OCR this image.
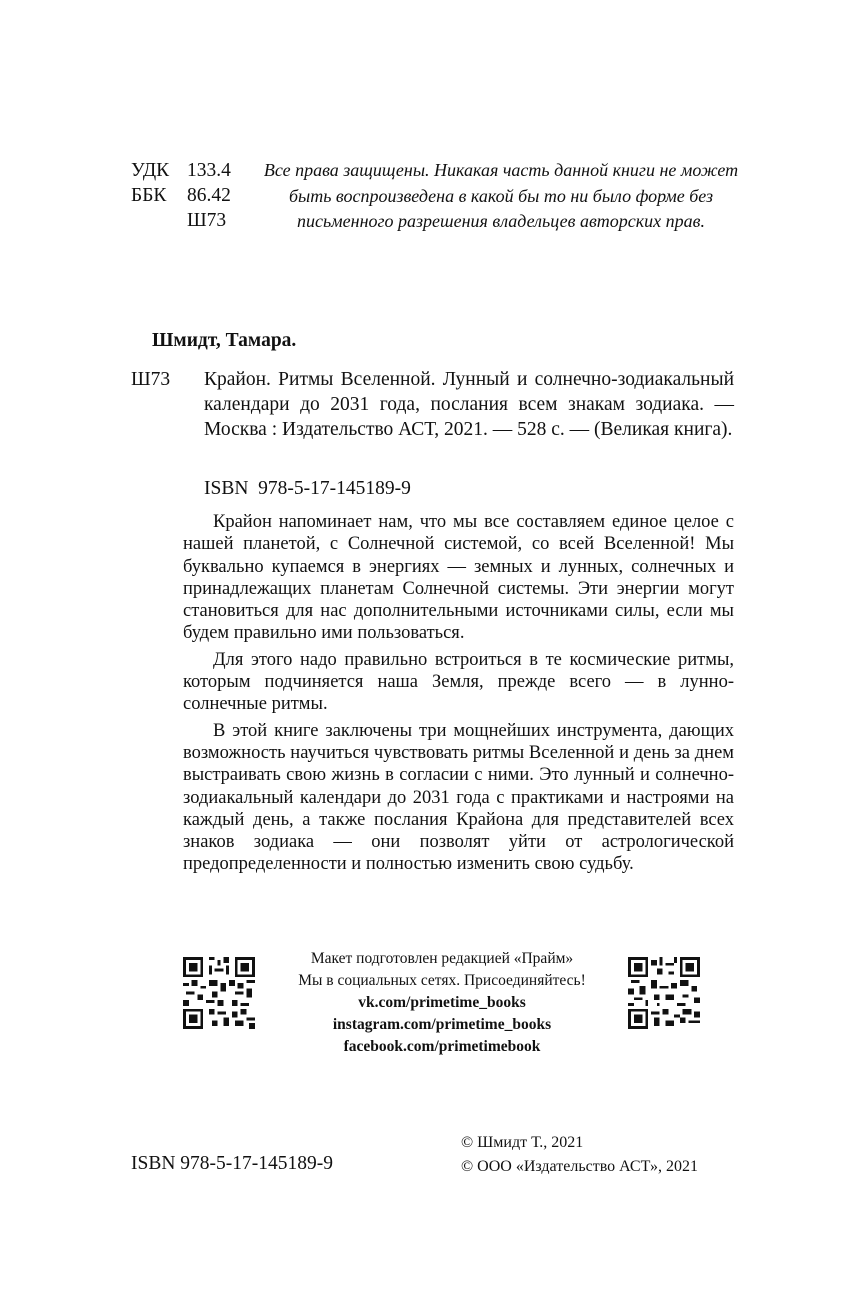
УДК 133.4
ББК	86.42
Ш73
Все права защищены. Никакая часть данной книги не может быть воспроизведена в какой бы то ни было форме без письменного разрешения владельцев авторских прав.
Шмидт, Тамара.
Ш73 Крайон. Ритмы Вселенной. Лунный и солнечно-зодиакальный календари до 2031 года, послания всем знакам зодиака. — Москва : Издательство АСТ, 2021. — 528 с. — (Великая книга).
ISBN  978-5-17-145189-9

Крайон напоминает нам, что мы все составляем единое целое с нашей планетой, с Солнечной системой, со всей Вселенной! Мы буквально купаемся в энергиях — земных и лунных, солнечных и принадлежащих планетам Солнечной системы. Эти энергии могут становиться для нас дополнительными источниками силы, если мы будем правильно ими пользоваться.

Для этого надо правильно встроиться в те космические ритмы, которым подчиняется наша Земля, прежде всего — в лунно-солнечные ритмы.

В этой книге заключены три мощнейших инструмента, дающих возможность научиться чувствовать ритмы Вселенной и день за днем выстраивать свою жизнь в согласии с ними. Это лунный и солнечно-зодиакальный календари до 2031 года с практиками и настроями на каждый день, а также послания Крайона для представителей всех знаков зодиака — они позволят уйти от астрологической предопределенности и полностью изменить свою судьбу.

Макет подготовлен редакцией «Прайм»
Мы в социальных сетях. Присоединяйтесь!
vk.com/primetime_books
instagram.com/primetime_books
facebook.com/primetimebook
ISBN 978-5-17-145189-9
© Шмидт Т., 2021
© ООО «Издательство АСТ», 2021
